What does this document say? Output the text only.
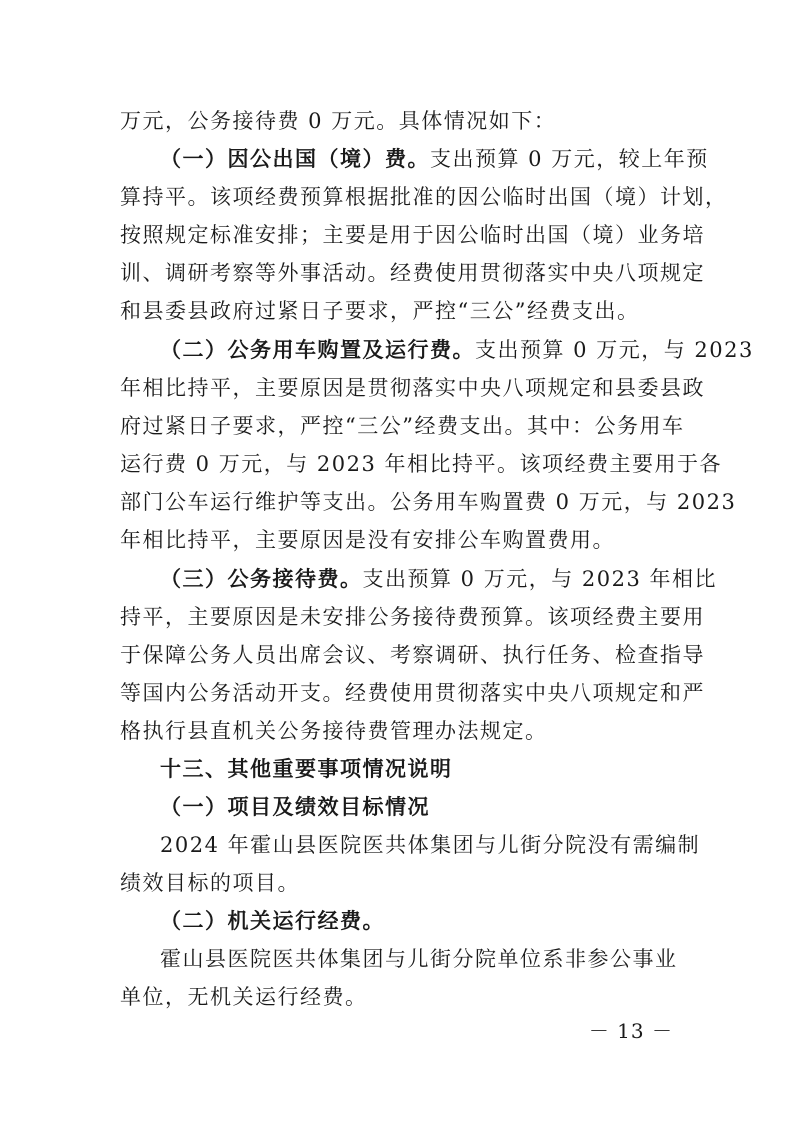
万元，公务接待费 0 万元。具体情况如下：
（一）因公出国（境）费。支出预算 0 万元，较上年预
算持平。该项经费预算根据批准的因公临时出国（境）计划，
按照规定标准安排；主要是用于因公临时出国（境）业务培
训、调研考察等外事活动。经费使用贯彻落实中央八项规定
和县委县政府过紧日子要求，严控“三公”经费支出。
（二）公务用车购置及运行费。支出预算 0 万元，与 2023
年相比持平，主要原因是贯彻落实中央八项规定和县委县政
府过紧日子要求，严控“三公”经费支出。其中：公务用车
运行费 0 万元，与 2023 年相比持平。该项经费主要用于各
部门公车运行维护等支出。公务用车购置费 0 万元，与 2023
年相比持平，主要原因是没有安排公车购置费用。
（三）公务接待费。支出预算 0 万元，与 2023 年相比
持平，主要原因是未安排公务接待费预算。该项经费主要用
于保障公务人员出席会议、考察调研、执行任务、检查指导
等国内公务活动开支。经费使用贯彻落实中央八项规定和严
格执行县直机关公务接待费管理办法规定。
十三、其他重要事项情况说明
（一）项目及绩效目标情况
2024 年霍山县医院医共体集团与儿街分院没有需编制
绩效目标的项目。
（二）机关运行经费。
霍山县医院医共体集团与儿街分院单位系非参公事业
单位，无机关运行经费。
－ 13 －
